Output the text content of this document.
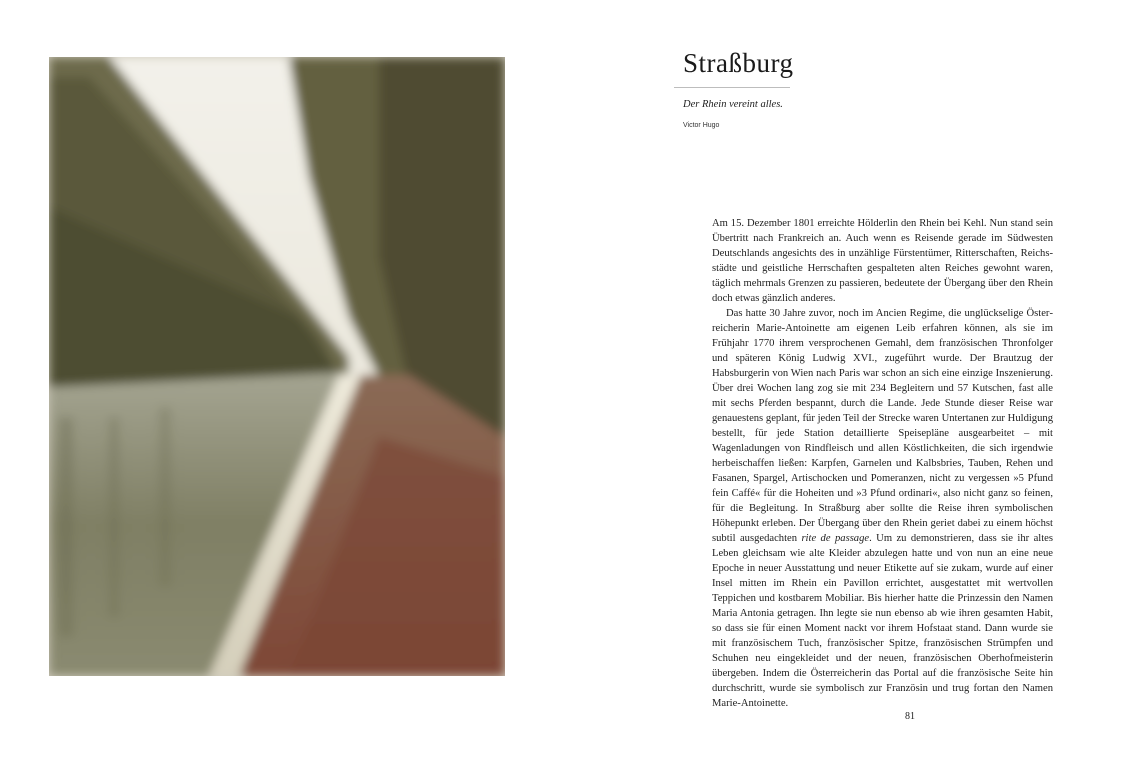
Straßburg
Der Rhein vereint alles.
Victor Hugo

Am 15. Dezember 1801 erreichte Hölderlin den Rhein bei Kehl. Nun stand sein Übertritt nach Frankreich an. Auch wenn es Reisende gerade im Südwesten Deutschlands angesichts des in unzählige Fürstentümer, Ritterschaften, Reichsstädte und geistliche Herrschaften gespalteten alten Reiches gewohnt waren, täglich mehrmals Grenzen zu passieren, bedeutete der Übergang über den Rhein doch etwas gänzlich anderes.

Das hatte 30 Jahre zuvor, noch im Ancien Regime, die unglückselige Österreicherin Marie-Antoinette am eigenen Leib erfahren können, als sie im Frühjahr 1770 ihrem versprochenen Gemahl, dem französischen Thronfolger und späteren König Ludwig XVI., zugeführt wurde. Der Brautzug der Habsburgerin von Wien nach Paris war schon an sich eine einzige Inszenierung. Über drei Wochen lang zog sie mit 234 Begleitern und 57 Kutschen, fast alle mit sechs Pferden bespannt, durch die Lande. Jede Stunde dieser Reise war genauestens geplant, für jeden Teil der Strecke waren Untertanen zur Huldigung bestellt, für jede Station detaillierte Speisepläne ausgearbeitet – mit Wagenladungen von Rindfleisch und allen Köstlichkeiten, die sich irgendwie herbeischaffen ließen: Karpfen, Garnelen und Kalbsbries, Tauben, Rehen und Fasanen, Spargel, Artischocken und Pomeranzen, nicht zu vergessen »5 Pfund fein Caffé« für die Hoheiten und »3 Pfund ordinari«, also nicht ganz so feinen, für die Begleitung. In Straßburg aber sollte die Reise ihren symbolischen Höhepunkt erleben. Der Übergang über den Rhein geriet dabei zu einem höchst subtil ausgedachten rite de passage. Um zu demonstrieren, dass sie ihr altes Leben gleichsam wie alte Kleider abzulegen hatte und von nun an eine neue Epoche in neuer Ausstattung und neuer Etikette auf sie zukam, wurde auf einer Insel mitten im Rhein ein Pavillon errichtet, ausgestattet mit wertvollen Teppichen und kostbarem Mobiliar. Bis hierher hatte die Prinzessin den Namen Maria Antonia getragen. Ihn legte sie nun ebenso ab wie ihren gesamten Habit, so dass sie für einen Moment nackt vor ihrem Hofstaat stand. Dann wurde sie mit französischem Tuch, französischer Spitze, französischen Strümpfen und Schuhen neu eingekleidet und der neuen, französischen Oberhofmeisterin übergeben. Indem die Österreicherin das Portal auf die französische Seite hin durchschritt, wurde sie symbolisch zur Französin und trug fortan den Namen Marie-Antoinette.

81
